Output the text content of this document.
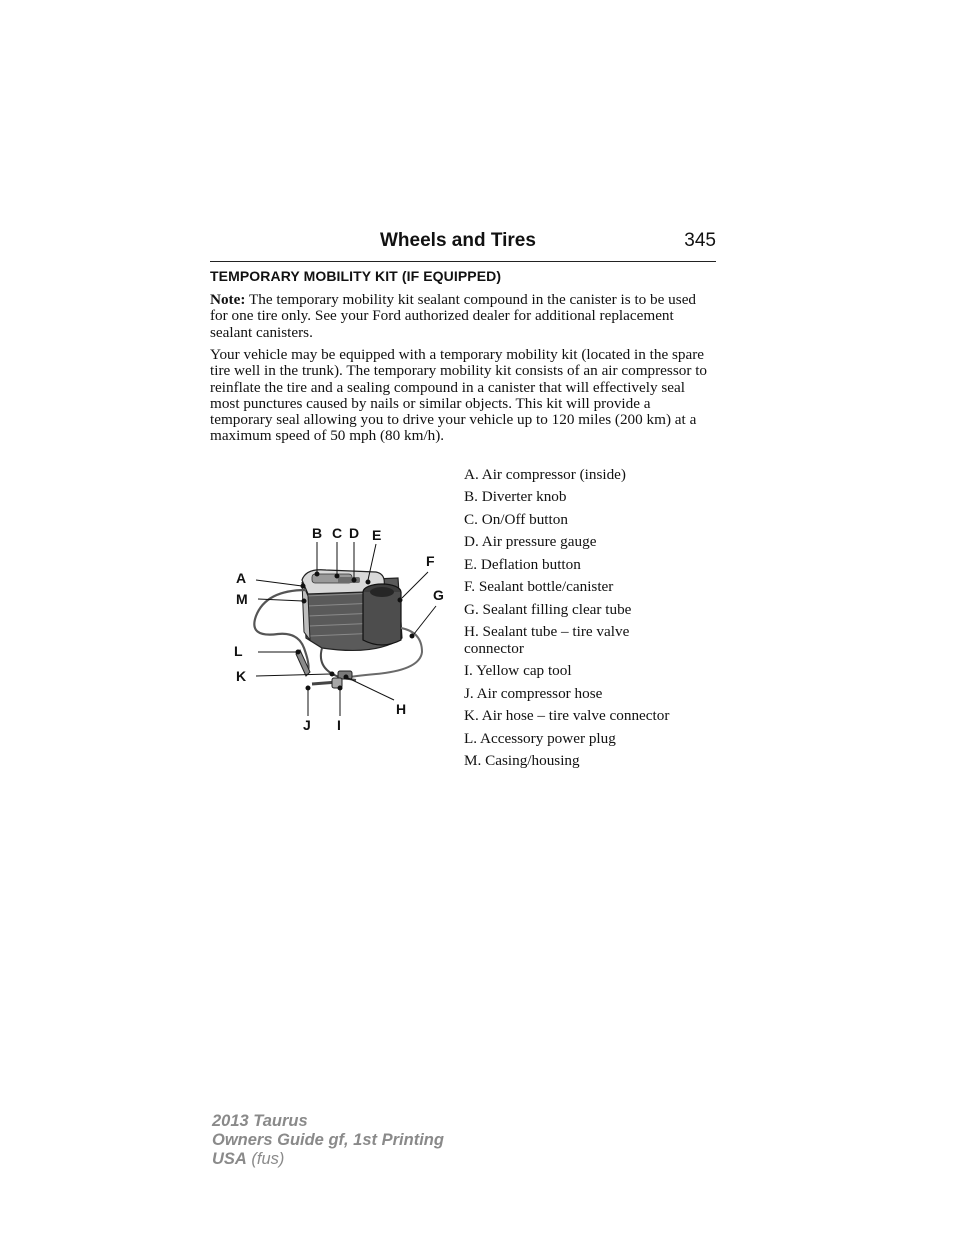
Wheels and Tires	345
TEMPORARY MOBILITY KIT (IF EQUIPPED)
Note: The temporary mobility kit sealant compound in the canister is to be used for one tire only. See your Ford authorized dealer for additional replacement sealant canisters.
Your vehicle may be equipped with a temporary mobility kit (located in the spare tire well in the trunk). The temporary mobility kit consists of an air compressor to reinflate the tire and a sealing compound in a canister that will effectively seal most punctures caused by nails or similar objects. This kit will provide a temporary seal allowing you to drive your vehicle up to 120 miles (200 km) at a maximum speed of 50 mph (80 km/h).
B C D E
F
G
A
M
L
K
J I
H
A. Air compressor (inside)
B. Diverter knob
C. On/Off button
D. Air pressure gauge
E. Deflation button
F. Sealant bottle/canister
G. Sealant filling clear tube
H. Sealant tube – tire valve connector
I. Yellow cap tool
J. Air compressor hose
K. Air hose – tire valve connector
L. Accessory power plug
M. Casing/housing
2013 Taurus
Owners Guide gf, 1st Printing
USA (fus)
